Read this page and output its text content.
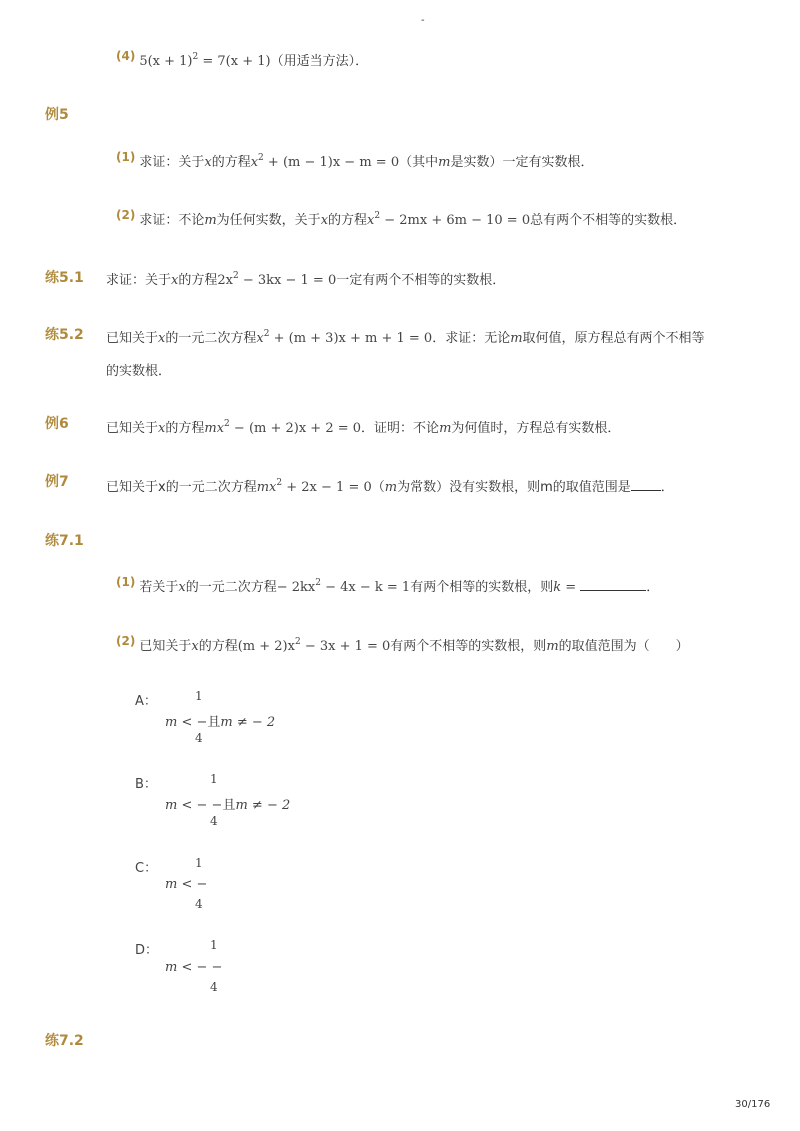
-
(4) $5(x + 1)^2 = 7(x + 1)$（用适当方法）．
例5
(1) 求证：关于x的方程$x^2 + (m - 1)x - m = 0$（其中m是实数）一定有实数根．
(2) 求证：不论m为任何实数，关于x的方程$x^2 - 2mx + 6m - 10 = 0$总有两个不相等的实数根．
练5.1 求证：关于x的方程$2x^2 - 3kx - 1 = 0$一定有两个不相等的实数根．
练5.2 已知关于x的一元二次方程$x^2 + (m + 3)x + m + 1 = 0$．求证：无论m取何值，原方程总有两个不相等
的实数根．
例6	已知关于x的方程$mx^2 - (m + 2)x + 2 = 0$．证明：不论m为何值时，方程总有实数根．
例7	已知关于x的一元二次方程$mx^2 + 2x - 1 = 0(m$为常数）没有实数根，则m的取值范围是 ．
练7.1
(1) 若关于x的一元二次方程− $2kx^2 - 4x - k = 1$有两个相等的实数根，则k =	．
(2) 已知关于x的方程$(m + 2)x^2 - 3x + 1 = 0$有两个不相等的实数根，则m的取值范围为（　　）
A：	1
m < −且m ≠ − 2
4
B：	1
m < − −且m ≠ − 2
4
C：	1
m < −
4
D：	1
m < − −
4
练7.2
30/176
